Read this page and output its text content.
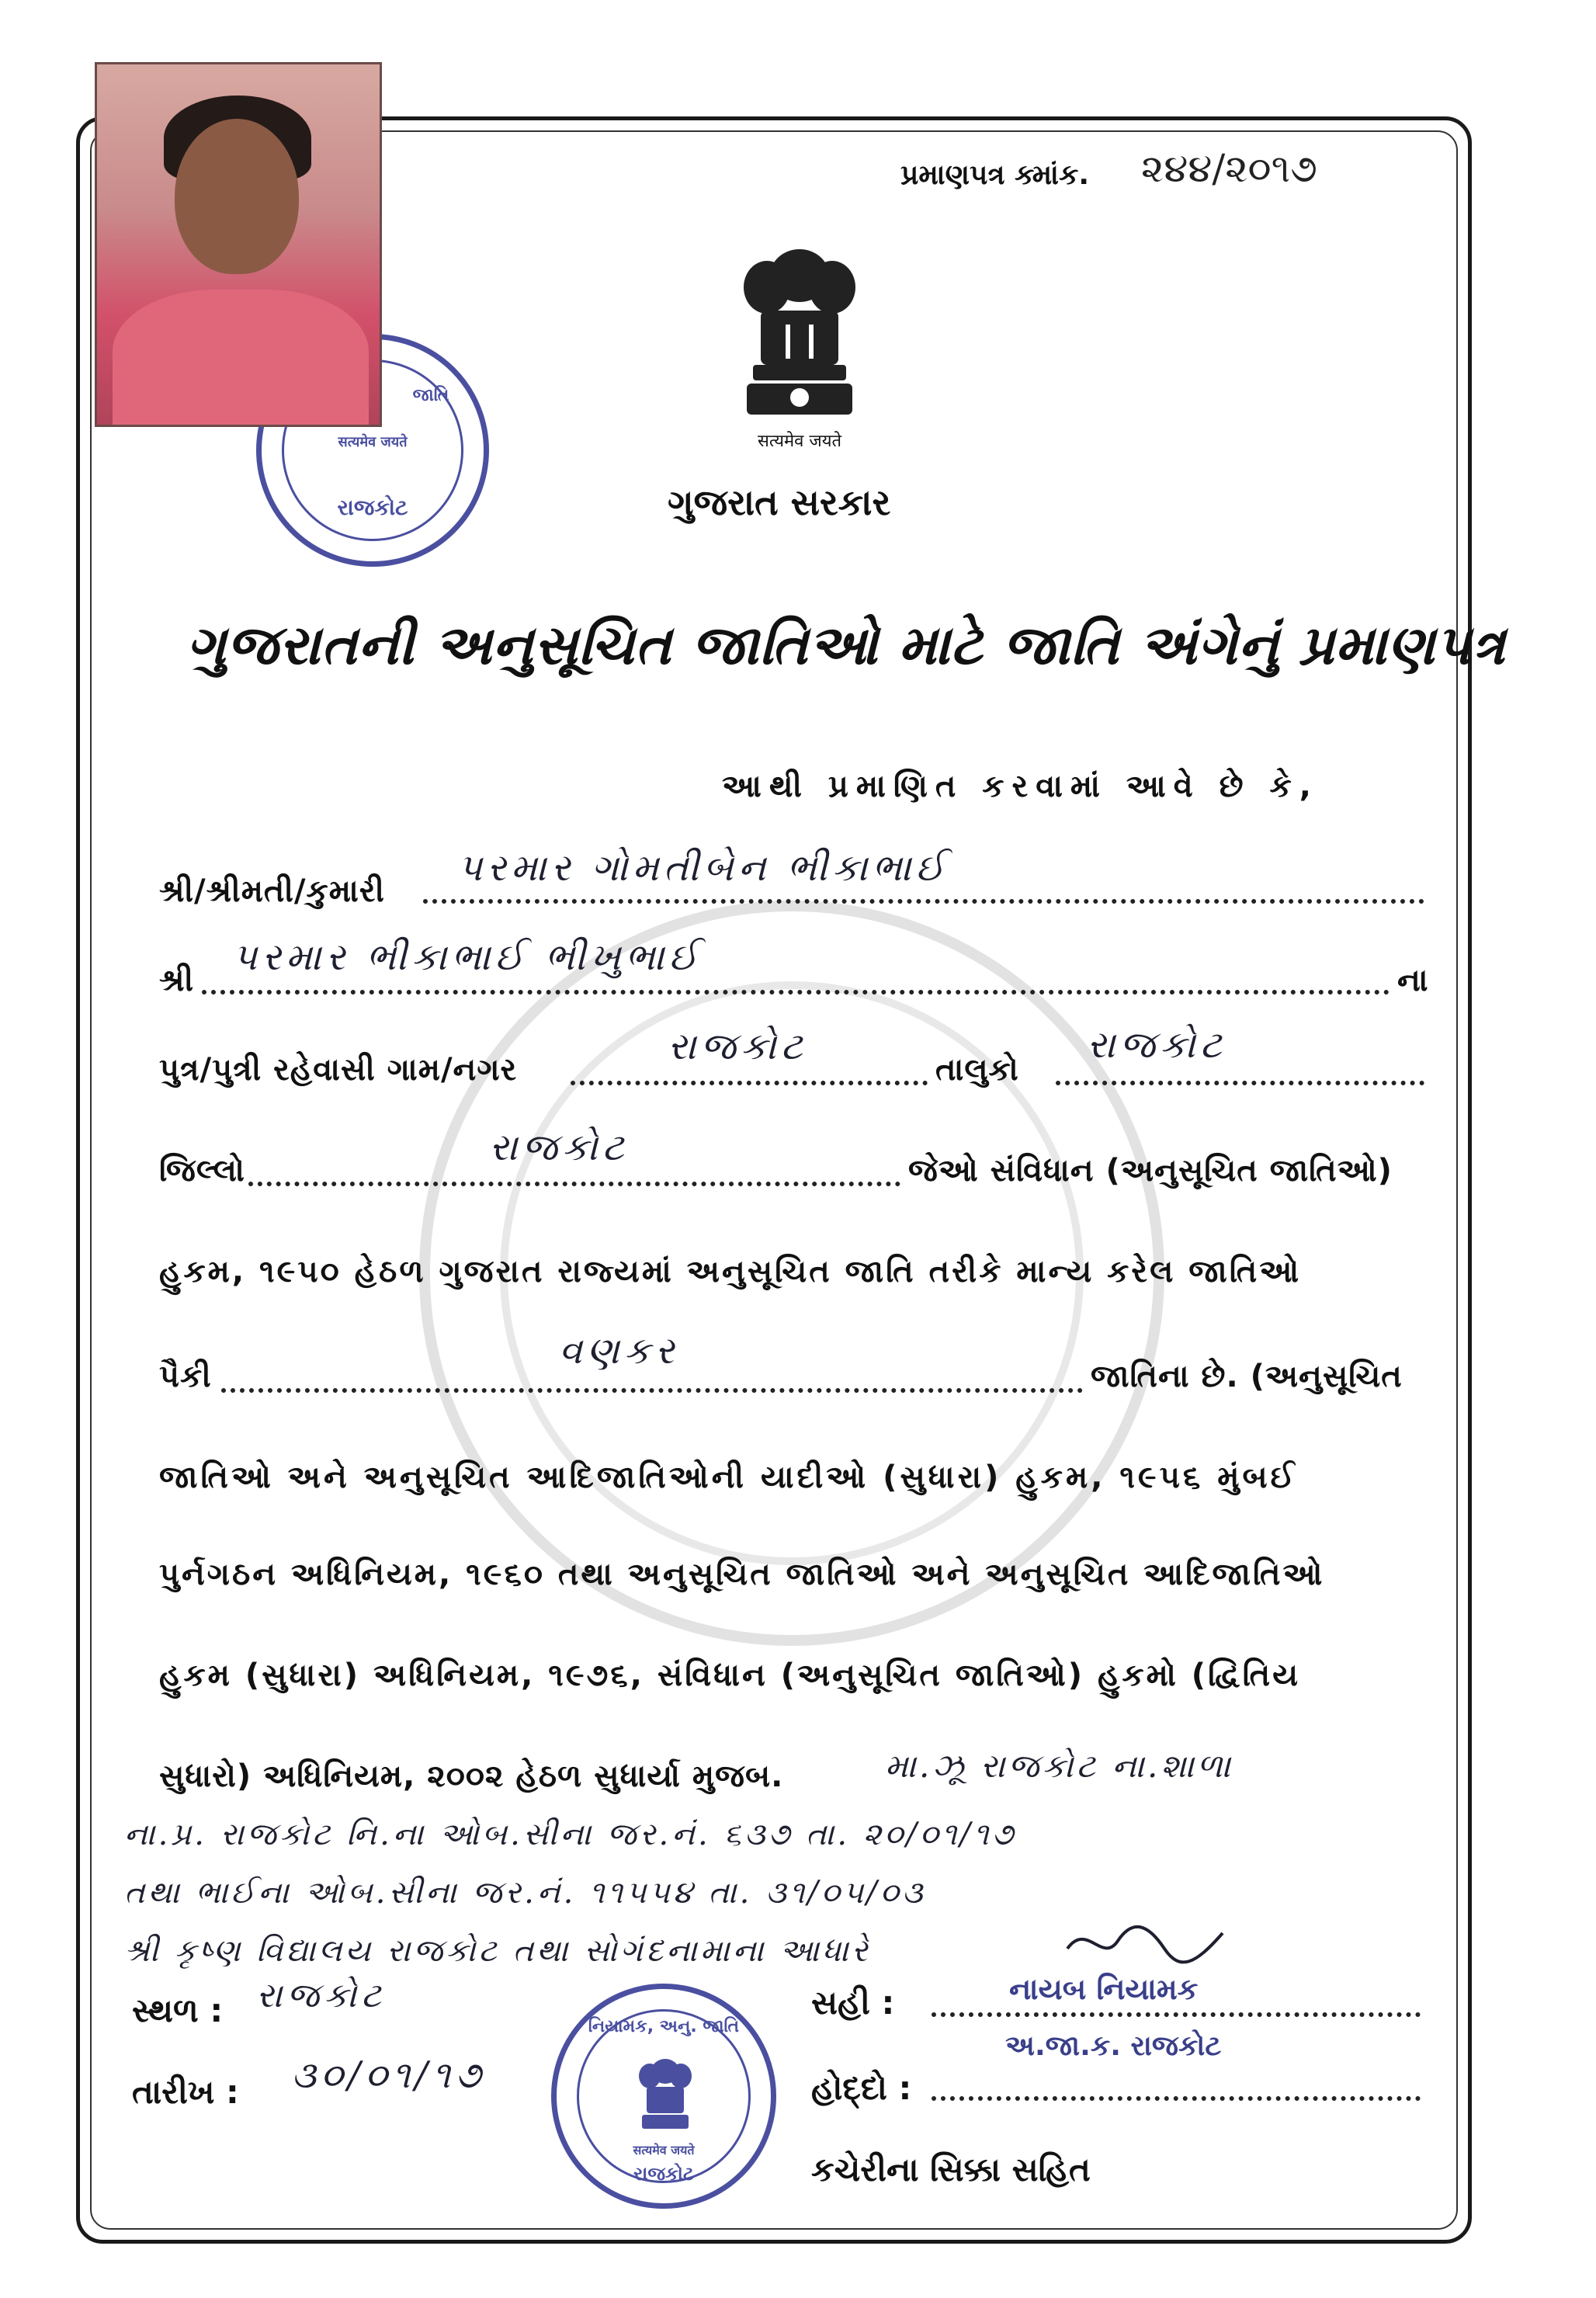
રાજકોટ
सत्यमेव जयते
જાતિ
પ્રમાણપત્ર ક્માંક. ૨૪૪/૨૦૧૭
सत्यमेव जयते
ગુજરાત સરકાર
ગુજરાતની અનુસૂચિત જાતિઓ માટે જાતિ અંગેનું પ્રમાણપત્ર
આથી પ્રમાણિત કરવામાં આવે છે કે,
શ્રી/શ્રીમતી/કુમારી
પરમાર ગોમતીબેન ભીકાભાઈ
શ્રી
પરમાર ભીકાભાઈ ભીખુભાઈ
ના
પુત્ર/પુત્રી રહેવાસી ગામ/નગર
રાજકોટ
તાલુકો
રાજકોટ
જિલ્લો
રાજકોટ
જેઓ સંવિધાન (અનુસૂચિત જાતિઓ)
હુકમ, ૧૯૫૦ હેઠળ ગુજરાત રાજ્યમાં અનુસૂચિત જાતિ તરીકે માન્ય કરેલ જાતિઓ
પૈકી
વણકર
જાતિના છે. (અનુસૂચિત
જાતિઓ અને અનુસૂચિત આદિજાતિઓની યાદીઓ (સુધારા) હુકમ, ૧૯૫૬ મુંબઈ
પુર્નગઠન અધિનિયમ, ૧૯૬૦ તથા અનુસૂચિત જાતિઓ અને અનુસૂચિત આદિજાતિઓ
હુકમ (સુધારા) અધિનિયમ, ૧૯૭૬, સંવિધાન (અનુસૂચિત જાતિઓ) હુકમો (દ્વિતિય
સુધારો) અધિનિયમ, ૨૦૦૨ હેઠળ સુધાર્યા મુજબ.	મા.ઝૂ રાજકોટ ના.શાળા
ના.પ્ર. રાજકોટ નિ.ના ઓબ.સીના જર.નં. ૬૩૭ તા. ૨૦/૦૧/૧૭
તથા ભાઈના ઓબ.સીના જર.નં. ૧૧૫૫૪ તા. ૩૧/૦૫/૦૩
શ્રી કૃષ્ણ વિદ્યાલય રાજકોટ તથા સોગંદનામાના આધારે
સ્થળ : રાજકોટ
તારીખ : ૩૦/૦૧/૧૭
નિયામક, અનુ. જાતિ
सत्यमेव जयते
રાજકોટ
સહી :	નાયબ નિયામક
અ.જા.ક. રાજકોટ
હોદ્દો :
કચેરીના સિક્કા સહિત
